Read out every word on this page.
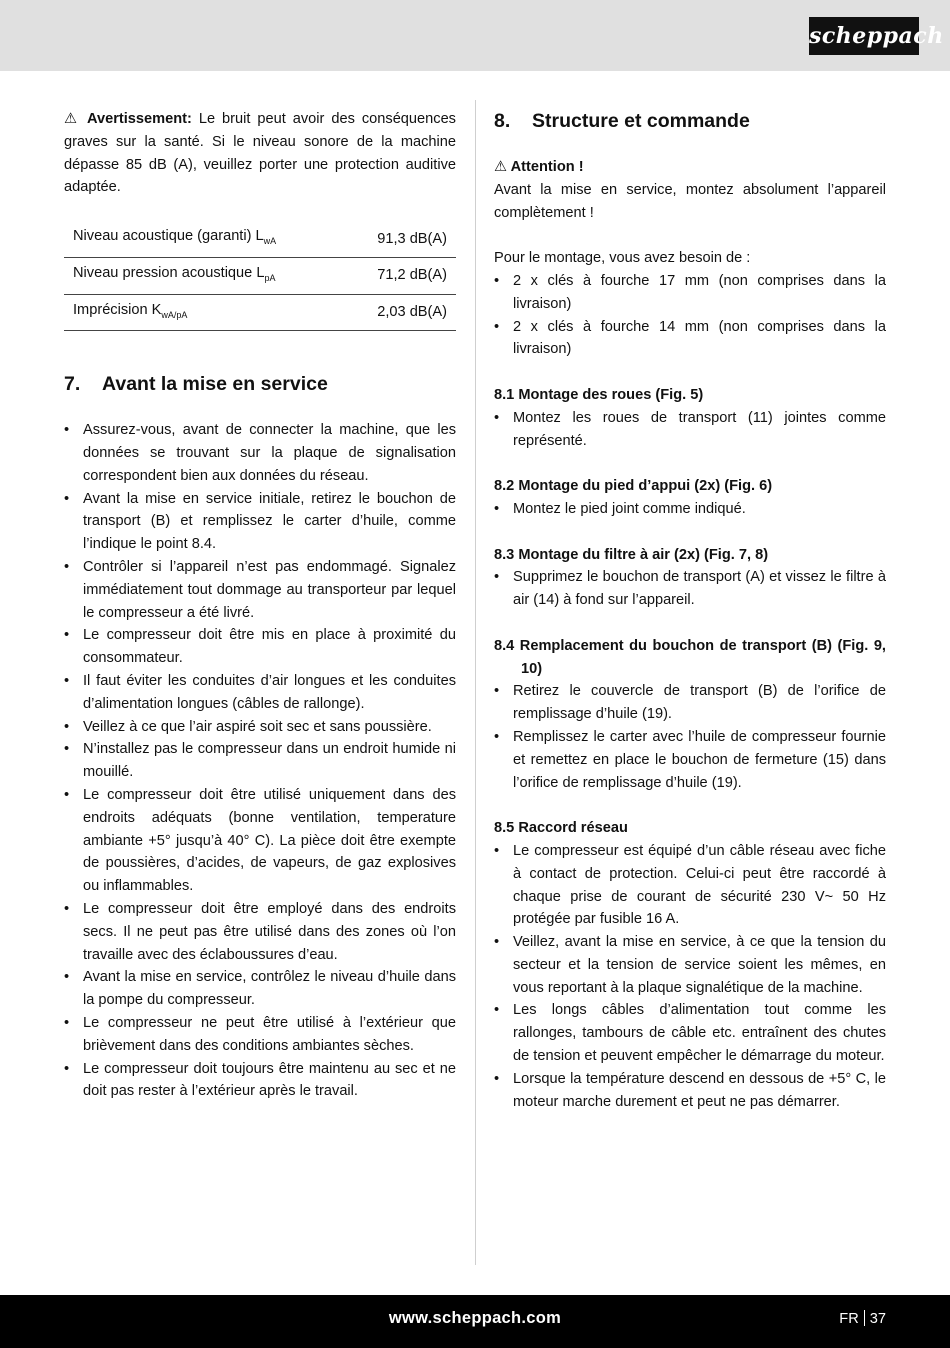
scheppach

⚠ Avertissement: Le bruit peut avoir des conséquences graves sur la santé. Si le niveau sonore de la machine dépasse 85 dB (A), veuillez porter une protection auditive adaptée.

Niveau acoustique (garanti) $L_{wA}$	91,3 dB(A)
Niveau pression acoustique $L_{pA}$	71,2 dB(A)
Imprécision $K_{wA/pA}$	2,03 dB(A)
7. Avant la mise en service
• Assurez-vous, avant de connecter la machine, que les données se trouvant sur la plaque de signalisation correspondent bien aux données du réseau.
• Avant la mise en service initiale, retirez le bouchon de transport (B) et remplissez le carter d’huile, comme l’indique le point 8.4.
• Contrôler si l’appareil n’est pas endommagé. Signalez immédiatement tout dommage au transporteur par lequel le compresseur a été livré.
• Le compresseur doit être mis en place à proximité du consommateur.
• Il faut éviter les conduites d’air longues et les conduites d’alimentation longues (câbles de rallonge).
• Veillez à ce que l’air aspiré soit sec et sans poussière.
• N’installez pas le compresseur dans un endroit humide ni mouillé.
• Le compresseur doit être utilisé uniquement dans des endroits adéquats (bonne ventilation, temperature ambiante +5° jusqu’à 40° C). La pièce doit être exempte de poussières, d’acides, de vapeurs, de gaz explosives ou inflammables.
• Le compresseur doit être employé dans des endroits secs. Il ne peut pas être utilisé dans des zones où l’on travaille avec des éclaboussures d’eau.
• Avant la mise en service, contrôlez le niveau d’huile dans la pompe du compresseur.
• Le compresseur ne peut être utilisé à l’extérieur que brièvement dans des conditions ambiantes sèches.
• Le compresseur doit toujours être maintenu au sec et ne doit pas rester à l’extérieur après le travail.
8. Structure et commande
⚠ Attention !

Avant la mise en service, montez absolument l’appareil complètement !

Pour le montage, vous avez besoin de :

• 2 x clés à fourche 17 mm (non comprises dans la livraison)
• 2 x clés à fourche 14 mm (non comprises dans la livraison)
8.1 Montage des roues (Fig. 5)
• Montez les roues de transport (11) jointes comme représenté.
8.2 Montage du pied d’appui (2x) (Fig. 6)
• Montez le pied joint comme indiqué.
8.3 Montage du filtre à air (2x) (Fig. 7, 8)
• Supprimez le bouchon de transport (A) et vissez le filtre à air (14) à fond sur l’appareil.
8.4 Remplacement du bouchon de transport (B) (Fig. 9, 10)
• Retirez le couvercle de transport (B) de l’orifice de remplissage d’huile (19).
• Remplissez le carter avec l’huile de compresseur fournie et remettez en place le bouchon de fermeture (15) dans l’orifice de remplissage d’huile (19).
8.5 Raccord réseau
• Le compresseur est équipé d’un câble réseau avec fiche à contact de protection. Celui-ci peut être raccordé à chaque prise de courant de sécurité 230 V~ 50 Hz protégée par fusible 16 A.
• Veillez, avant la mise en service, à ce que la tension du secteur et la tension de service soient les mêmes, en vous reportant à la plaque signalétique de la machine.
• Les longs câbles d’alimentation tout comme les rallonges, tambours de câble etc. entraînent des chutes de tension et peuvent empêcher le démarrage du moteur.
• Lorsque la température descend en dessous de +5° C, le moteur marche durement et peut ne pas démarrer.
www.scheppach.com	FR 37
